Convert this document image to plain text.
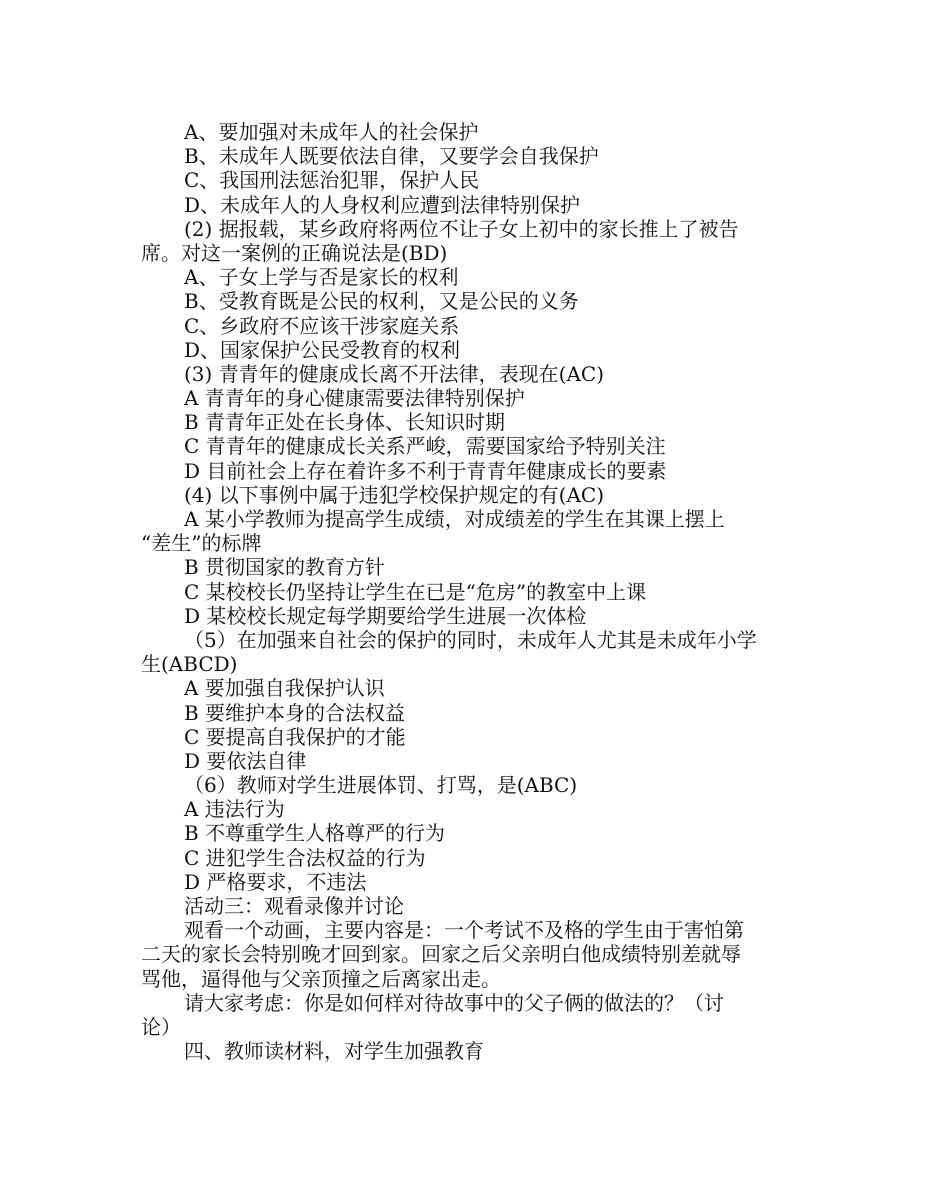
A、要加强对未成年人的社会保护
B、未成年人既要依法自律，又要学会自我保护
C、我国刑法惩治犯罪，保护人民
D、未成年人的人身权利应遭到法律特别保护
(2) 据报载，某乡政府将两位不让子女上初中的家长推上了被告
席。对这一案例的正确说法是(BD)
A、子女上学与否是家长的权利
B、受教育既是公民的权利，又是公民的义务
C、乡政府不应该干涉家庭关系
D、国家保护公民受教育的权利
(3) 青青年的健康成长离不开法律，表现在(AC)
A 青青年的身心健康需要法律特别保护
B 青青年正处在长身体、长知识时期
C 青青年的健康成长关系严峻，需要国家给予特别关注
D 目前社会上存在着许多不利于青青年健康成长的要素
(4) 以下事例中属于违犯学校保护规定的有(AC)
A 某小学教师为提高学生成绩，对成绩差的学生在其课上摆上
“差生”的标牌
B 贯彻国家的教育方针
C 某校校长仍坚持让学生在已是“危房”的教室中上课
D 某校校长规定每学期要给学生进展一次体检
（5）在加强来自社会的保护的同时，未成年人尤其是未成年小学
生(ABCD)
A 要加强自我保护认识
B 要维护本身的合法权益
C 要提高自我保护的才能
D 要依法自律
（6）教师对学生进展体罚、打骂，是(ABC)
A 违法行为
B 不尊重学生人格尊严的行为
C 进犯学生合法权益的行为
D 严格要求，不违法
活动三：观看录像并讨论
观看一个动画，主要内容是：一个考试不及格的学生由于害怕第
二天的家长会特别晚才回到家。回家之后父亲明白他成绩特别差就辱
骂他，逼得他与父亲顶撞之后离家出走。
请大家考虑：你是如何样对待故事中的父子俩的做法的？（讨
论）
四、教师读材料，对学生加强教育
